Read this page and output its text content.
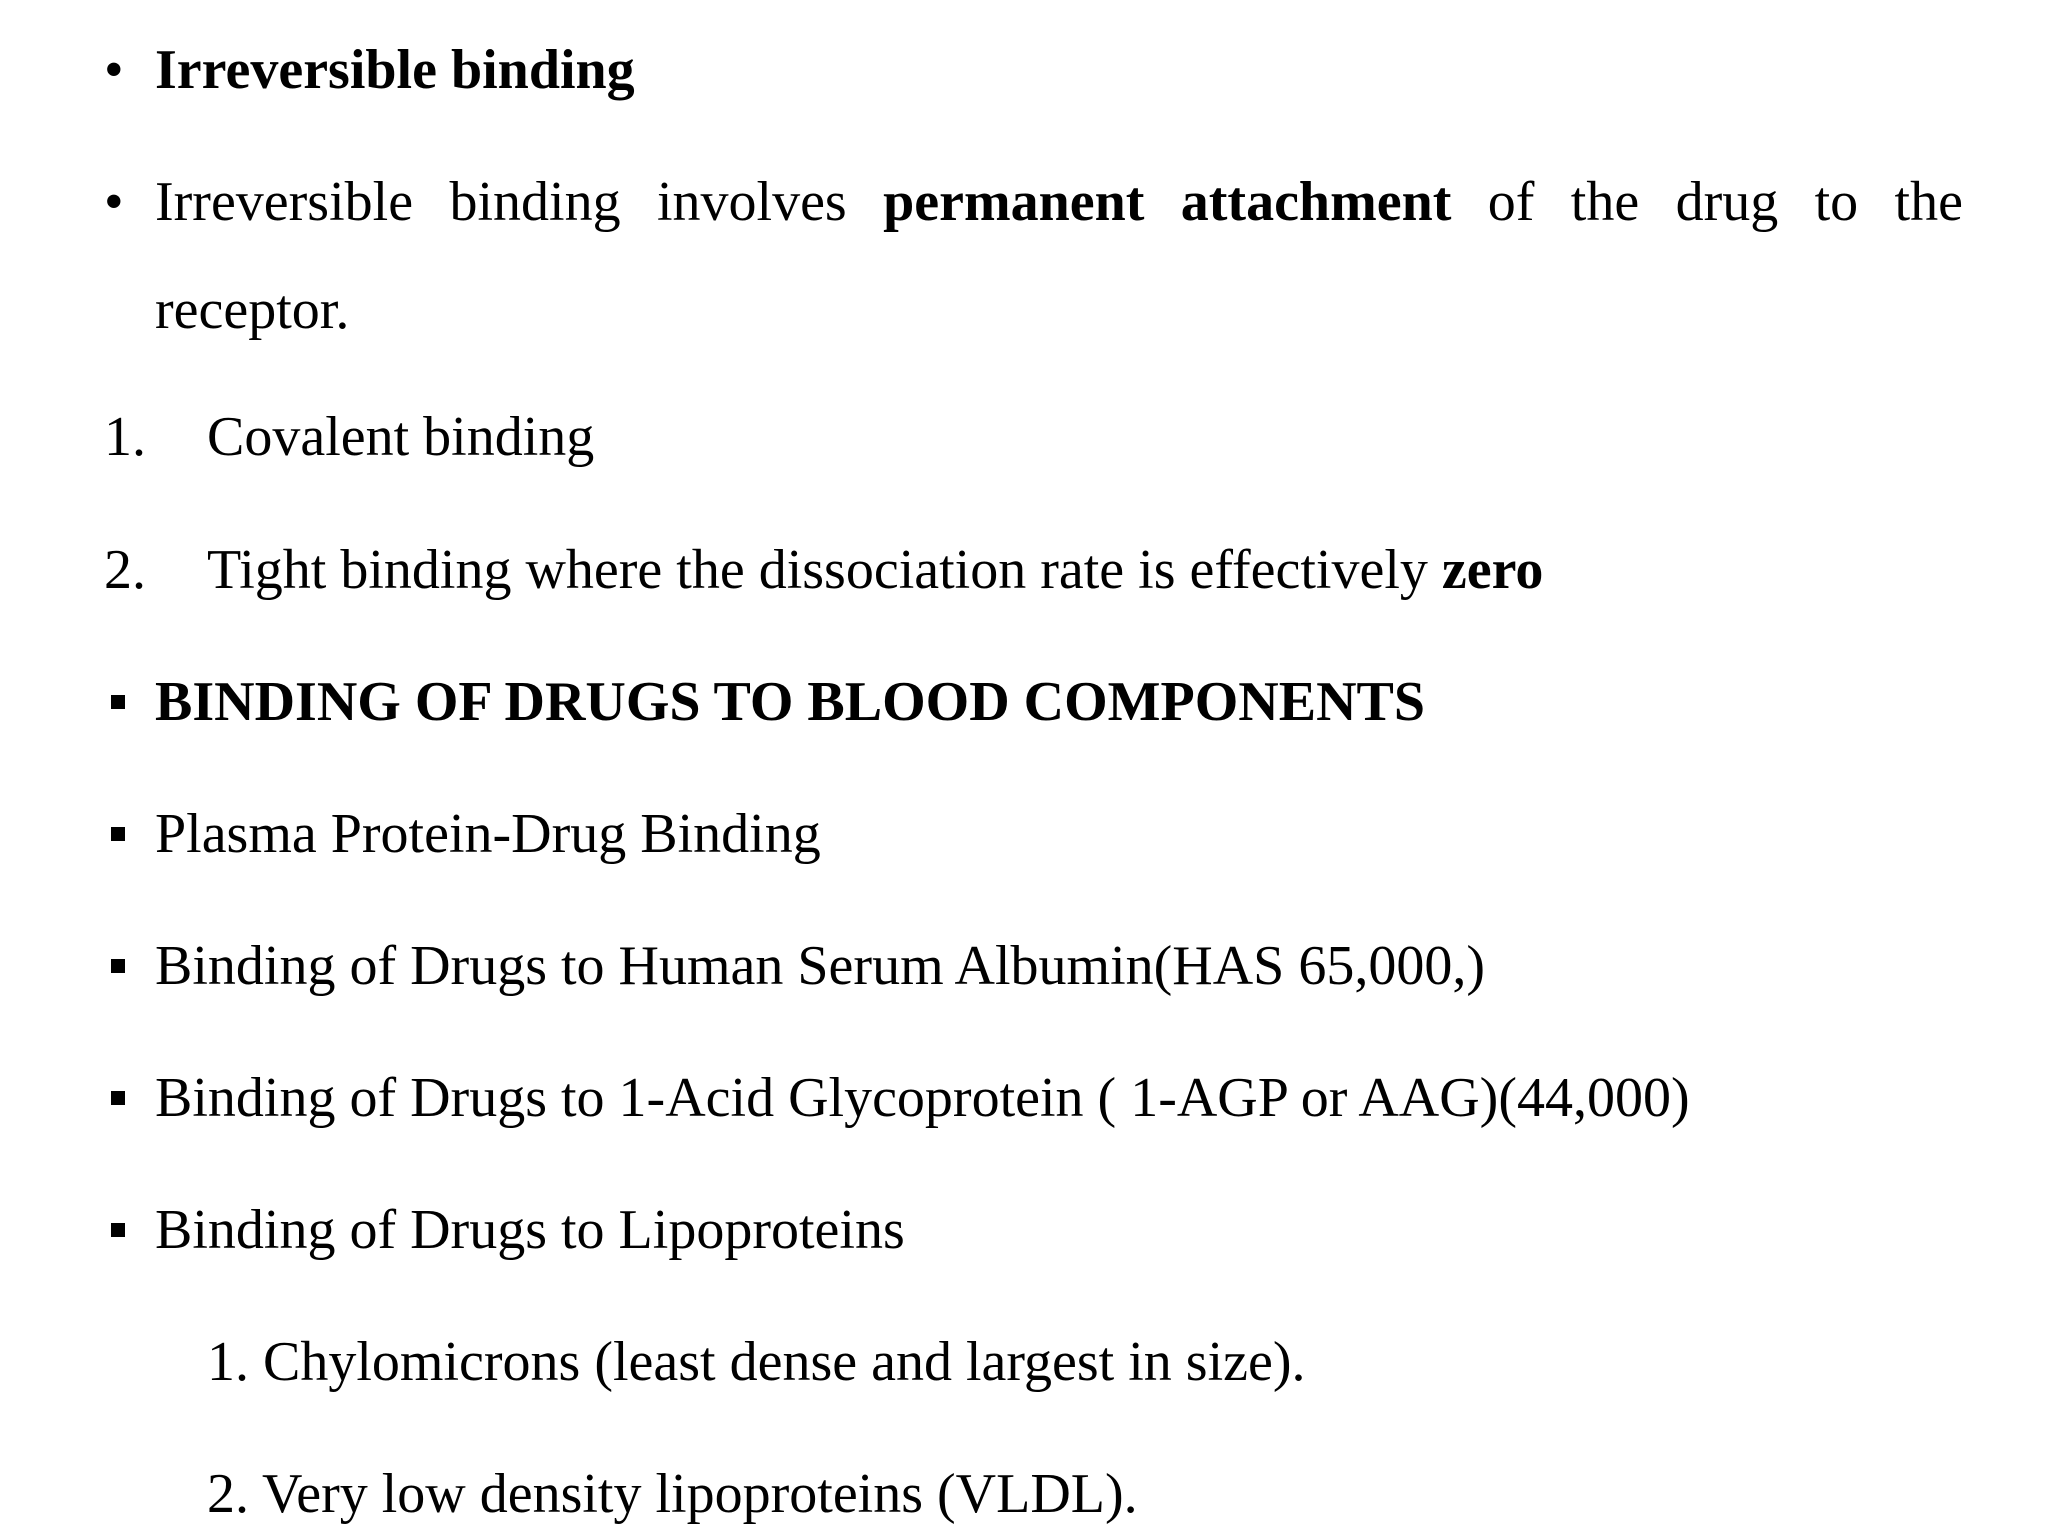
• Irreversible binding
• Irreversible binding involves permanent attachment of the drug to the
receptor.
1. Covalent binding
2. Tight binding where the dissociation rate is effectively zero
BINDING OF DRUGS TO BLOOD COMPONENTS
Plasma Protein-Drug Binding
Binding of Drugs to Human Serum Albumin(HAS 65,000,)
Binding of Drugs to 1-Acid Glycoprotein ( 1-AGP or AAG)(44,000)
Binding of Drugs to Lipoproteins
1. Chylomicrons (least dense and largest in size).
2. Very low density lipoproteins (VLDL).
